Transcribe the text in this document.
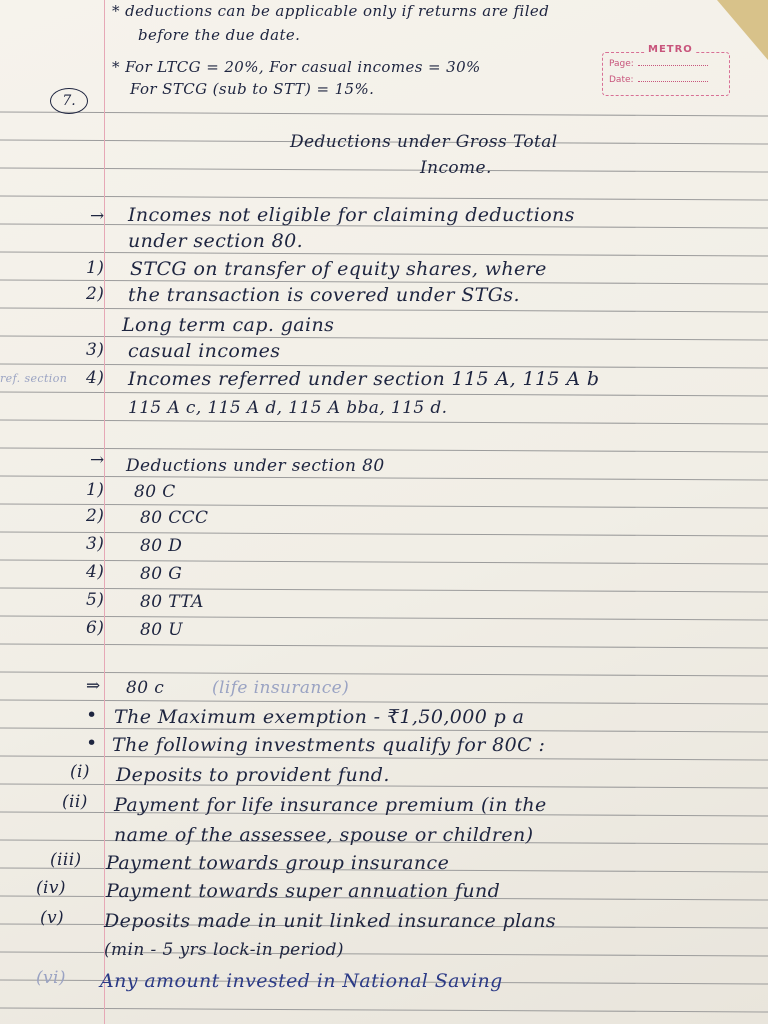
METRO
Page:
Date:
* deductions can be applicable only if returns are filed
before the due date.
* For LTCG = 20%, For casual incomes = 30%
For STCG (sub to STT) = 15%.
7.
Deductions under Gross Total
Income.
→ Incomes not eligible for claiming deductions
under section 80.
1) STCG on transfer of equity shares, where
2) the transaction is covered under STGs.
Long term cap. gains
3) casual incomes
ref. section 4) Incomes referred under section 115 A, 115 A b
115 A c, 115 A d, 115 A bba, 115 d.
→ Deductions under section 80
1) 80 C
2) 80 CCC
3) 80 D
4) 80 G
5) 80 TTA
6) 80 U
⇒ 80 c	(life insurance)
• The Maximum exemption - ₹1,50,000 p a
• The following investments qualify for 80C :
(i) Deposits to provident fund.
(ii) Payment for life insurance premium (in the
name of the assessee, spouse or children)
(iii) Payment towards group insurance
(iv) Payment towards super annuation fund
(v) Deposits made in unit linked insurance plans
(min - 5 yrs lock-in period)
(vi) Any amount invested in National Saving
